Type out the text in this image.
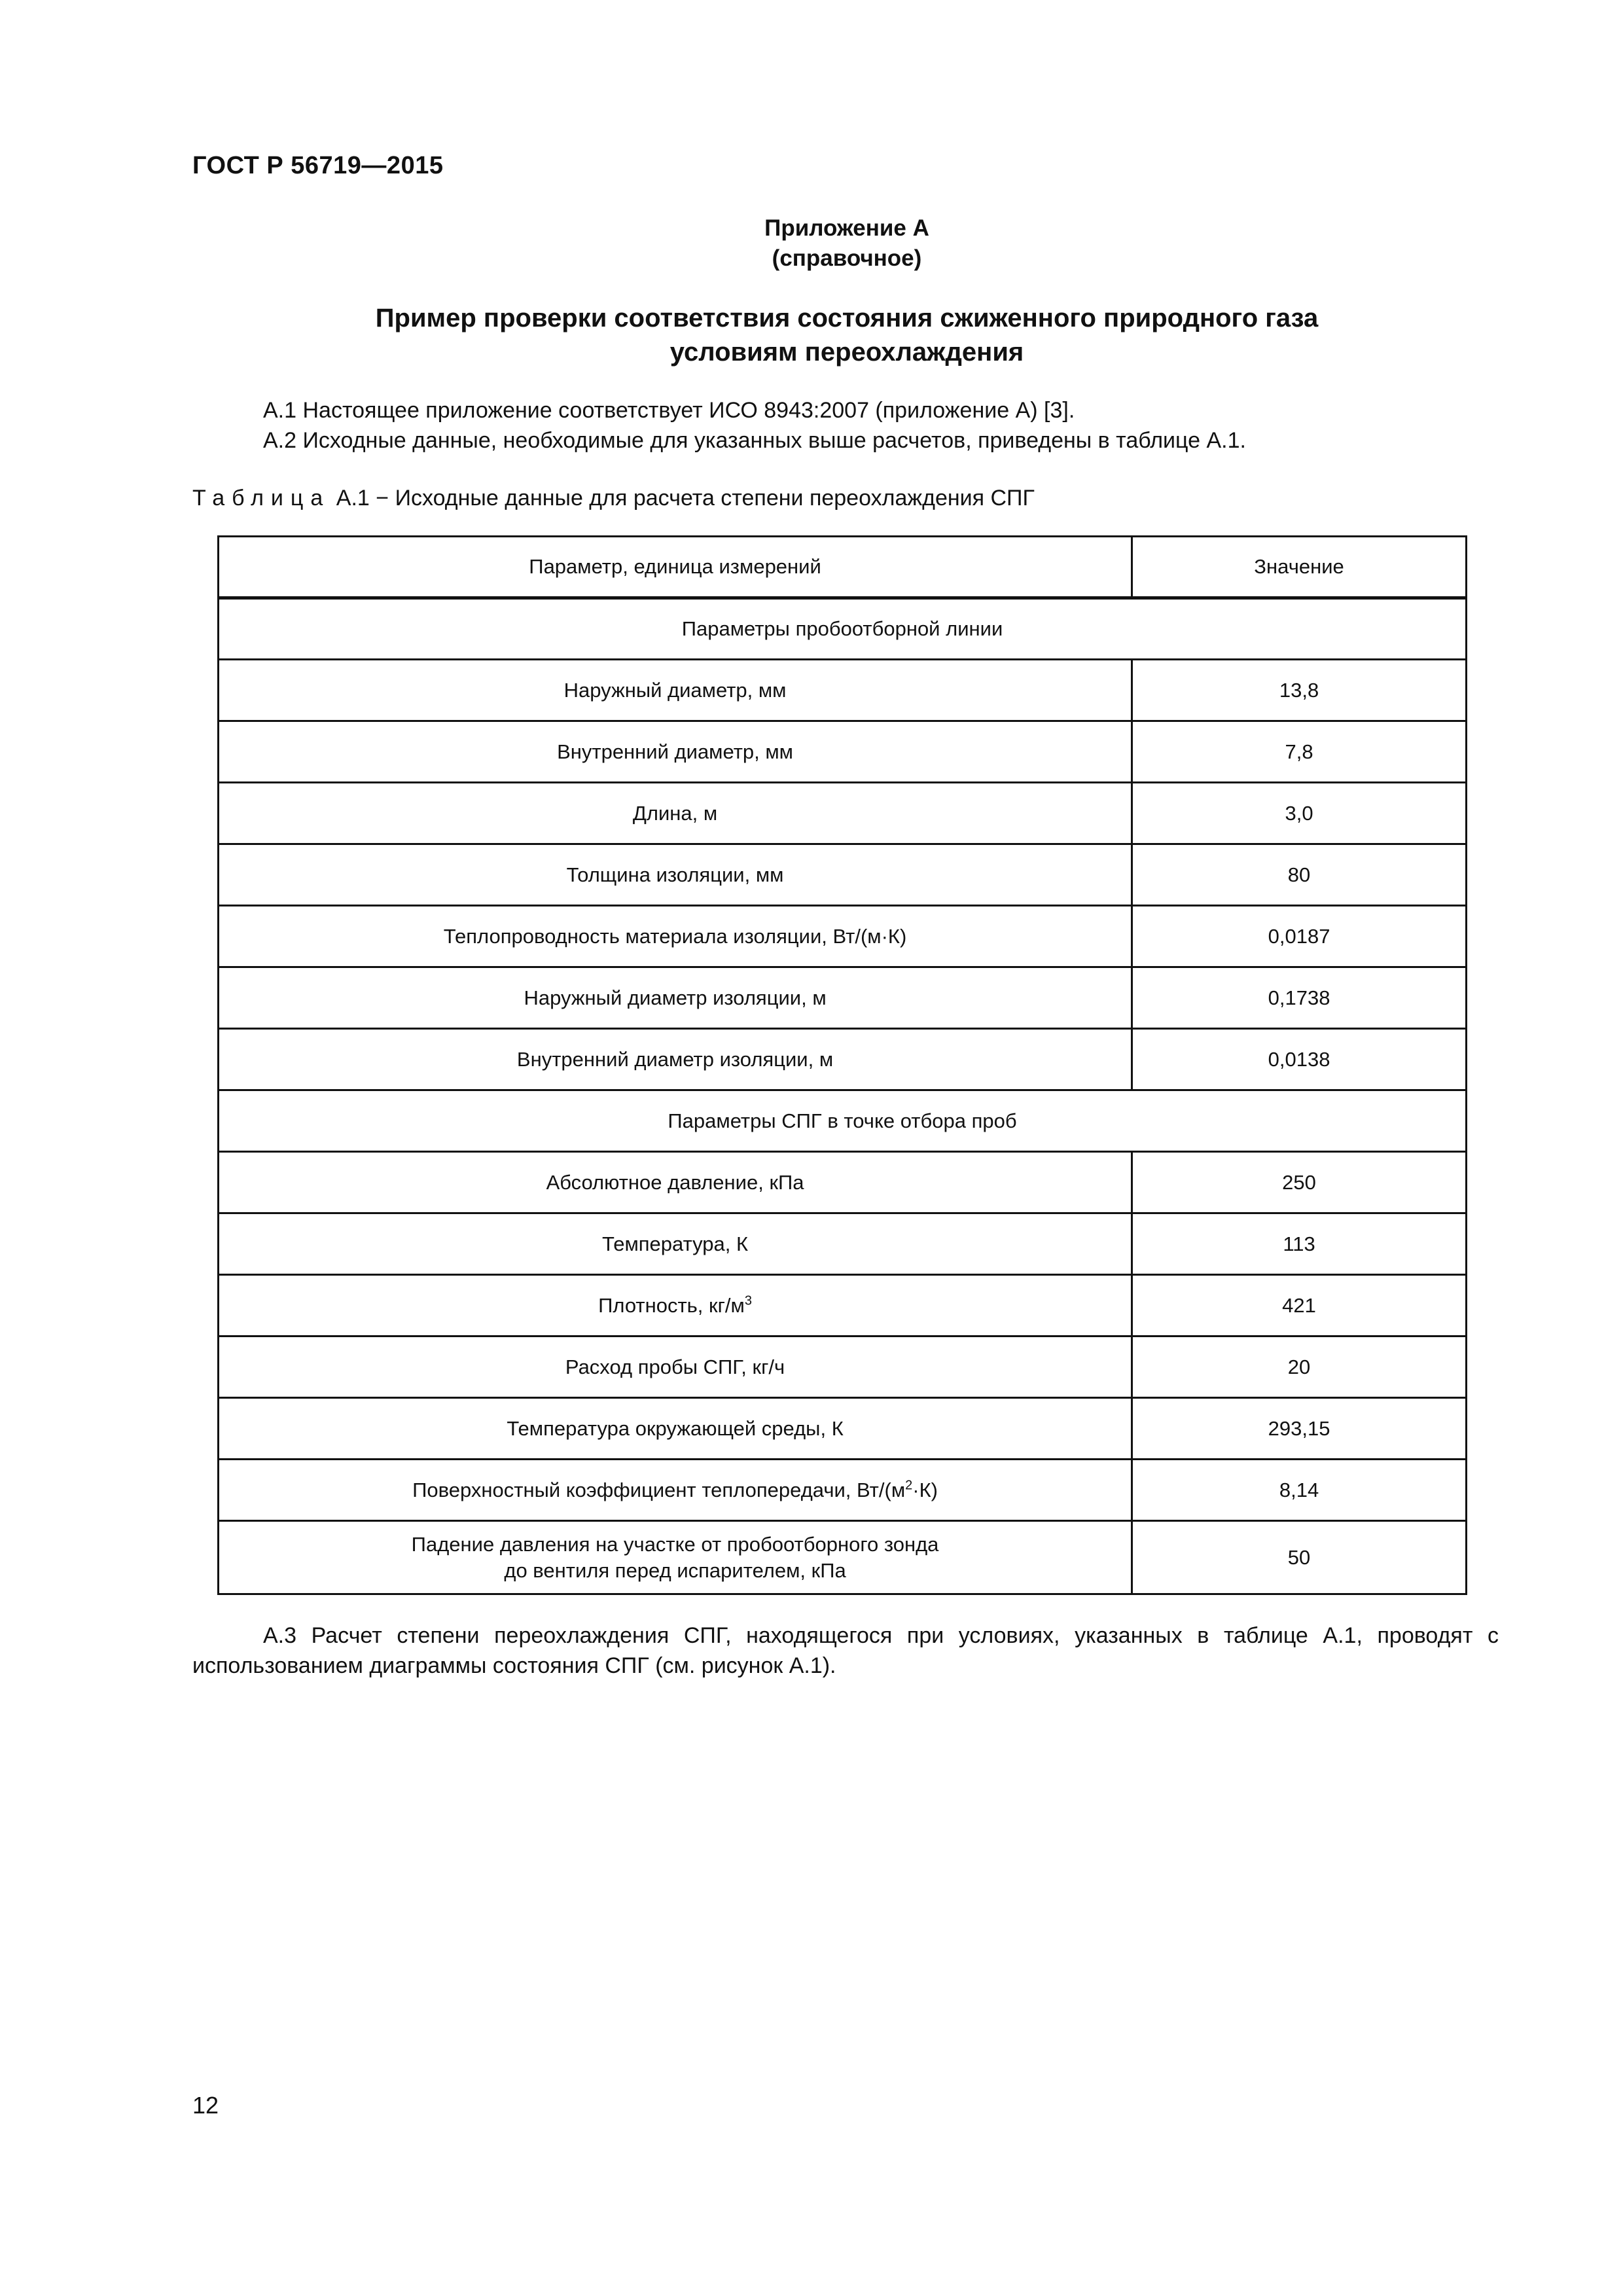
ГОСТ Р 56719—2015
Приложение А
(справочное)
Пример проверки соответствия состояния сжиженного природного газа
условиям переохлаждения
А.1 Настоящее приложение соответствует ИСО 8943:2007 (приложение А) [3].
А.2 Исходные данные, необходимые для указанных выше расчетов, приведены в таблице А.1.
Таблица А.1 − Исходные данные для расчета степени переохлаждения СПГ
Параметр, единица измерений	Значение
Параметры пробоотборной линии	
Наружный диаметр, мм	13,8
Внутренний диаметр, мм	7,8
Длина, м	3,0
Толщина изоляции, мм	80
Теплопроводность материала изоляции, Вт/(м·К)	0,0187
Наружный диаметр изоляции, м	0,1738
Внутренний диаметр изоляции, м	0,0138
Параметры СПГ в точке отбора проб	
Абсолютное давление, кПа	250
Температура, К	113
Плотность, $кг/м^3$	421
Расход пробы СПГ, кг/ч	20
Температура окружающей среды, К	293,15
Поверхностный коэффициент теплопередачи, $Вт/(м^2\cdot К)$	8,14

Падение давления на участке от пробоотборного зонда
до вентиля перед испарителем, кПа	50
А.3 Расчет степени переохлаждения СПГ, находящегося при условиях, указанных в таблице А.1, проводят с
использованием диаграммы состояния СПГ (см. рисунок А.1).
12
